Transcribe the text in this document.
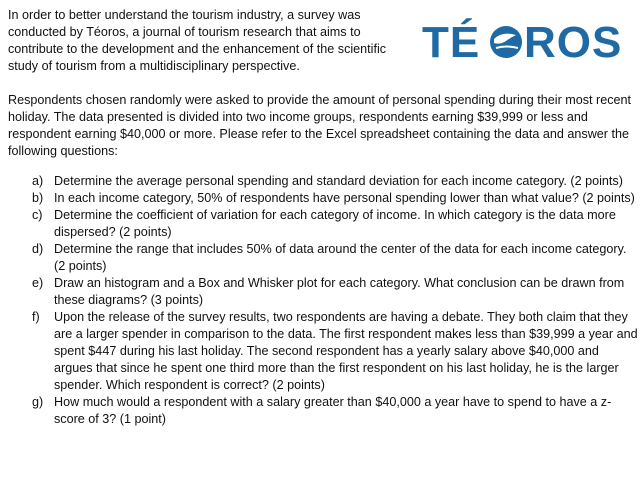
In order to better understand the tourism industry, a survey was conducted by Téoros, a journal of tourism research that aims to contribute to the development and the enhancement of the scientific study of tourism from a multidisciplinary perspective.	TÉ ROS

Respondents chosen randomly were asked to provide the amount of personal spending during their most recent holiday. The data presented is divided into two income groups, respondents earning $39,999 or less and respondent earning $40,000 or more. Please refer to the Excel spreadsheet containing the data and answer the following questions:

a) Determine the average personal spending and standard deviation for each income category. (2 points)
b) In each income category, 50% of respondents have personal spending lower than what value? (2 points)
c) Determine the coefficient of variation for each category of income. In which category is the data more dispersed? (2 points)
d) Determine the range that includes 50% of data around the center of the data for each income category. (2 points)
e) Draw an histogram and a Box and Whisker plot for each category. What conclusion can be drawn from these diagrams? (3 points)
f)	Upon the release of the survey results, two respondents are having a debate. They both claim that they are a larger spender in comparison to the data. The first respondent makes less than $39,999 a year and spent $447 during his last holiday. The second respondent has a yearly salary above $40,000 and argues that since he spent one third more than the first respondent on his last holiday, he is the larger spender. Which respondent is correct? (2 points)
g) How much would a respondent with a salary greater than $40,000 a year have to spend to have a z-score of 3? (1 point)
